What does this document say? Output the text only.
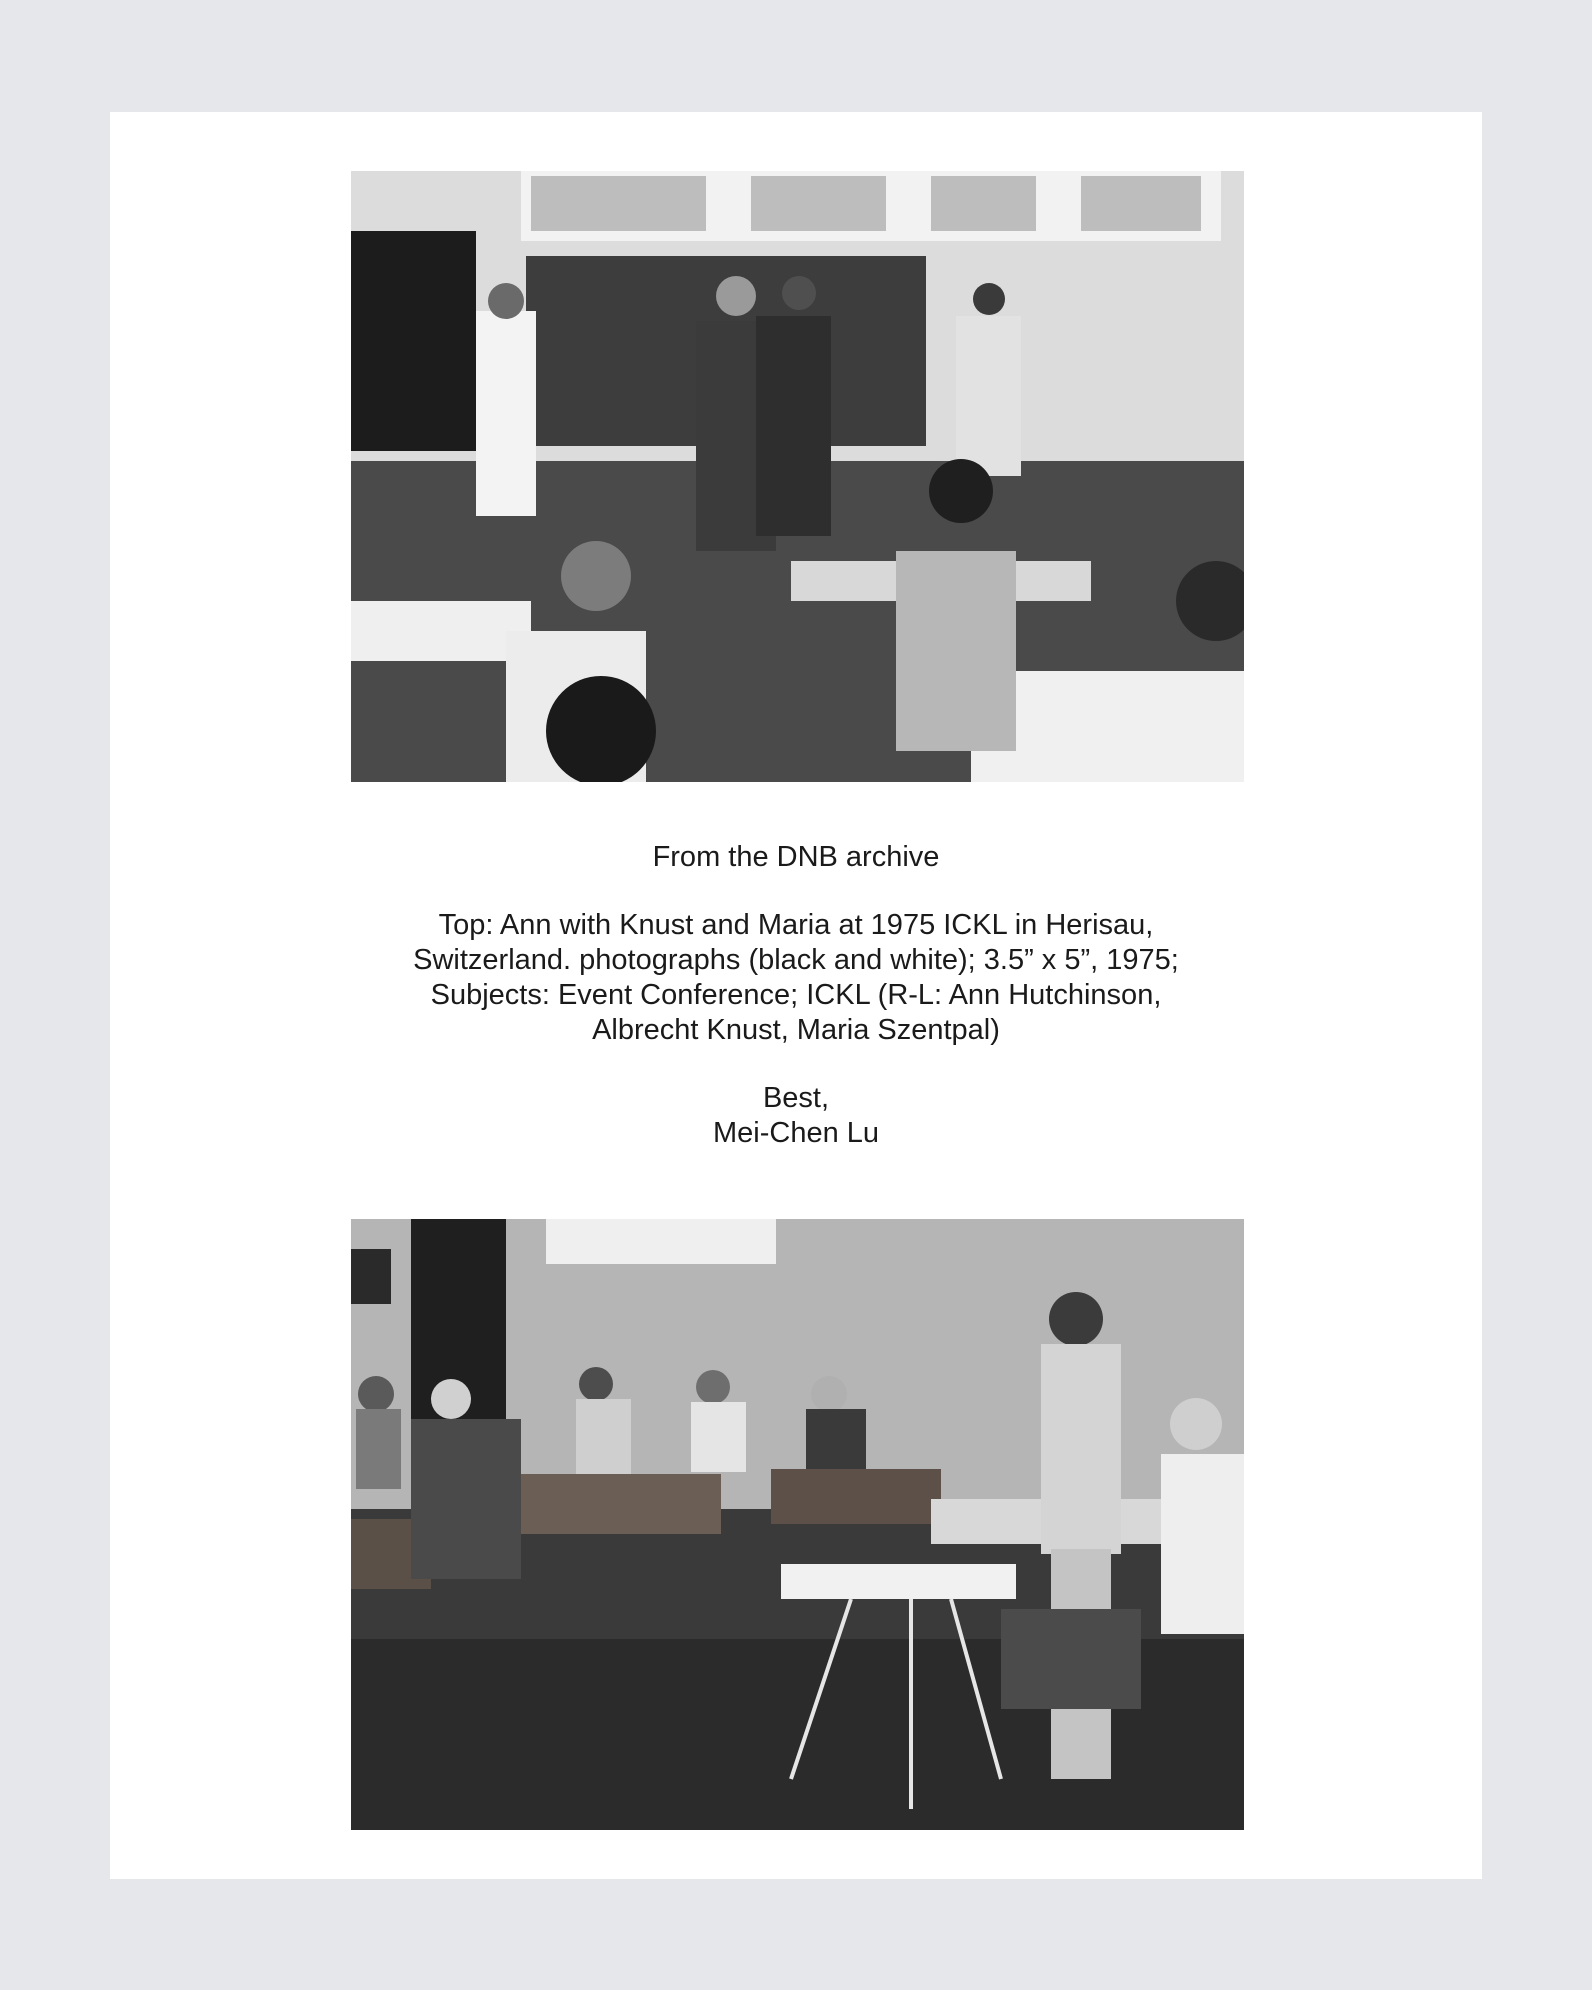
From the DNB archive

Top: Ann with Knust and Maria at 1975 ICKL in Herisau,

Switzerland. photographs (black and white); 3.5” x 5”, 1975;

Subjects: Event Conference; ICKL (R-L: Ann Hutchinson,

Albrecht Knust, Maria Szentpal)

Best,

Mei-Chen Lu
